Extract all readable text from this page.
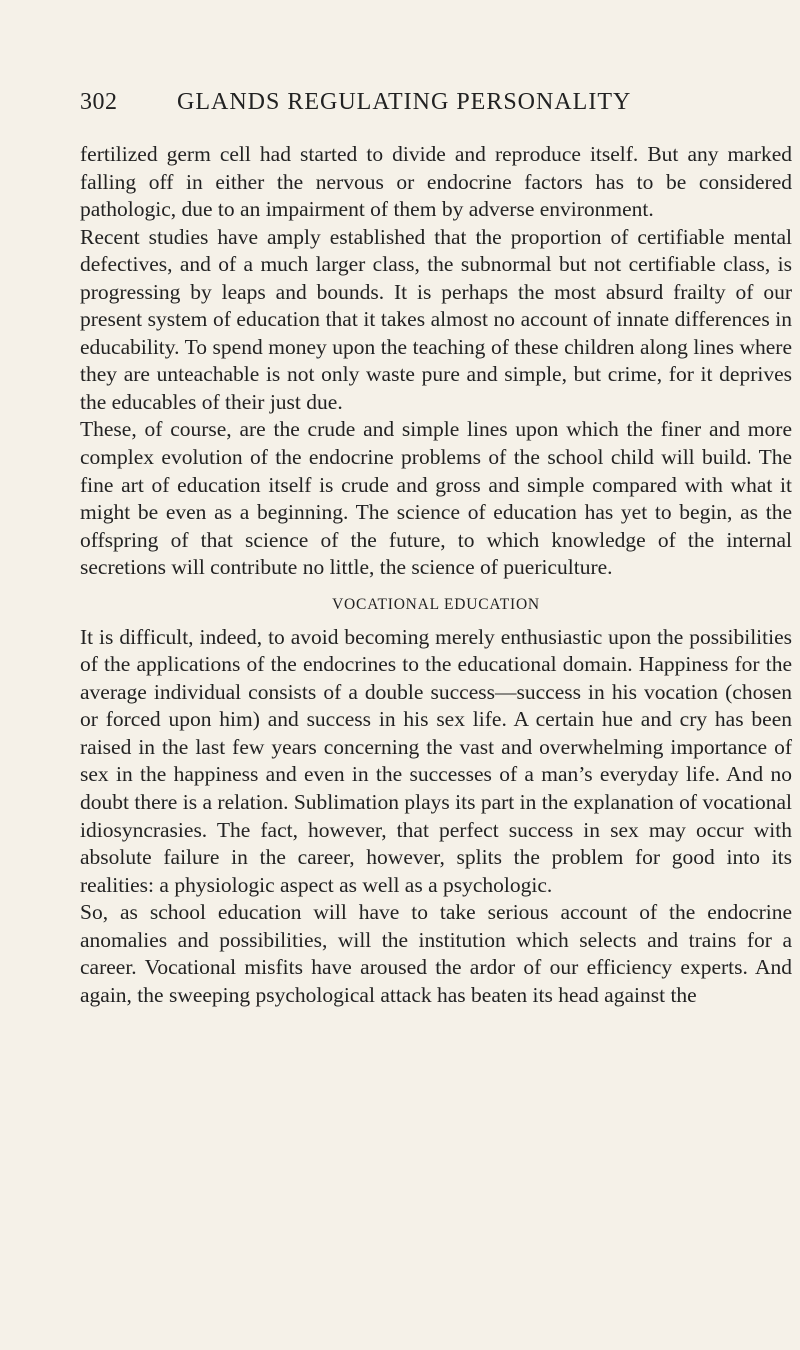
302 GLANDS REGULATING PERSONALITY

fertilized germ cell had started to divide and reproduce itself. But any marked falling off in either the nervous or endocrine factors has to be considered pathologic, due to an impairment of them by adverse environment.

Recent studies have amply established that the proportion of certifiable mental defectives, and of a much larger class, the subnormal but not certifiable class, is progressing by leaps and bounds. It is perhaps the most absurd frailty of our present system of education that it takes almost no account of innate differences in educability. To spend money upon the teaching of these children along lines where they are unteachable is not only waste pure and simple, but crime, for it deprives the educables of their just due.

These, of course, are the crude and simple lines upon which the finer and more complex evolution of the endocrine problems of the school child will build. The fine art of education itself is crude and gross and simple compared with what it might be even as a beginning. The science of education has yet to begin, as the offspring of that science of the future, to which knowledge of the internal secretions will contribute no little, the science of puericulture.

VOCATIONAL EDUCATION

It is difficult, indeed, to avoid becoming merely enthusiastic upon the possibilities of the applications of the endocrines to the educational domain. Happiness for the average individual consists of a double success—success in his vocation (chosen or forced upon him) and success in his sex life. A certain hue and cry has been raised in the last few years concerning the vast and overwhelming importance of sex in the happiness and even in the successes of a man’s everyday life. And no doubt there is a relation. Sublimation plays its part in the explanation of vocational idiosyncrasies. The fact, however, that perfect success in sex may occur with absolute failure in the career, however, splits the problem for good into its realities: a physiologic aspect as well as a psychologic.

So, as school education will have to take serious account of the endocrine anomalies and possibilities, will the institution which selects and trains for a career. Vocational misfits have aroused the ardor of our efficiency experts. And again, the sweeping psychological attack has beaten its head against the
